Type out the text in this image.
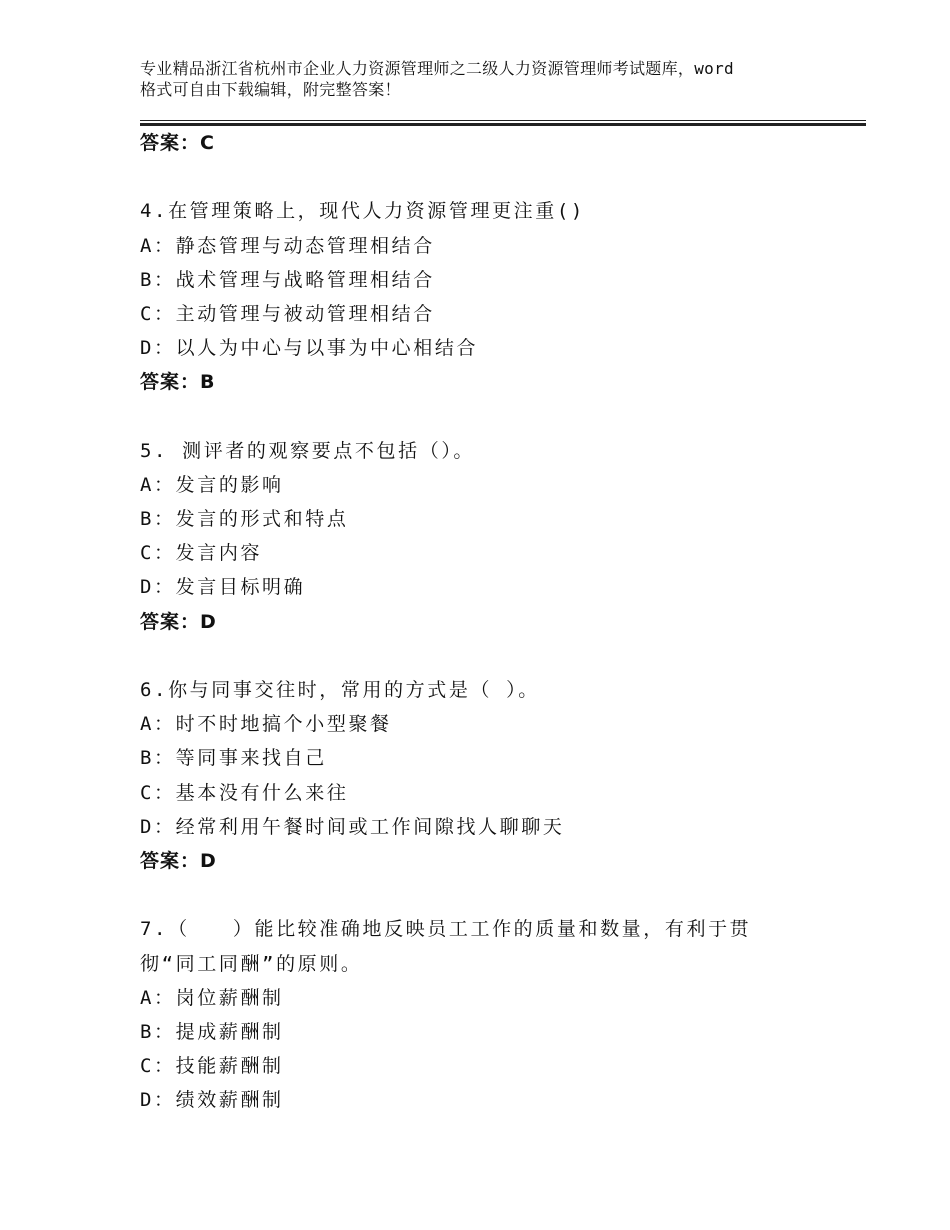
专业精品浙江省杭州市企业人力资源管理师之二级人力资源管理师考试题库，word
格式可自由下载编辑，附完整答案！
答案：C
4.在管理策略上，现代人力资源管理更注重()
A：静态管理与动态管理相结合
B：战术管理与战略管理相结合
C：主动管理与被动管理相结合
D：以人为中心与以事为中心相结合
答案：B
5. 测评者的观察要点不包括（）。
A：发言的影响
B：发言的形式和特点
C：发言内容
D：发言目标明确
答案：D
6.你与同事交往时，常用的方式是（ ）。
A：时不时地搞个小型聚餐
B：等同事来找自己
C：基本没有什么来往
D：经常利用午餐时间或工作间隙找人聊聊天
答案：D
7.（　　）能比较准确地反映员工工作的质量和数量，有利于贯
彻“同工同酬”的原则。
A：岗位薪酬制
B：提成薪酬制
C：技能薪酬制
D：绩效薪酬制
